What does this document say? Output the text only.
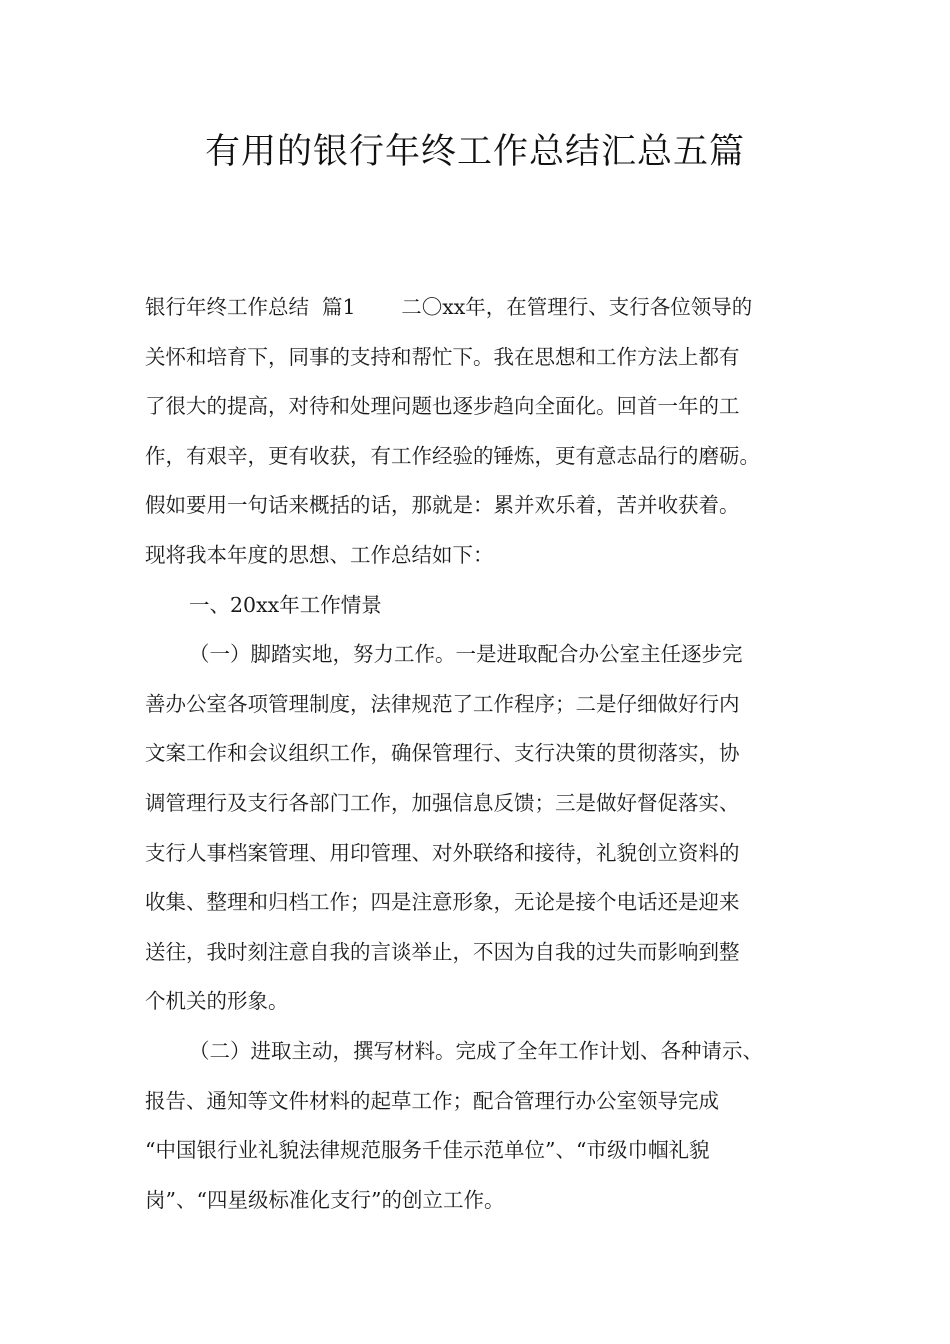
有用的银行年终工作总结汇总五篇
银行年终工作总结  篇1       二〇xx年，在管理行、支行各位领导的
关怀和培育下，同事的支持和帮忙下。我在思想和工作方法上都有
了很大的提高，对待和处理问题也逐步趋向全面化。回首一年的工
作，有艰辛，更有收获，有工作经验的锤炼，更有意志品行的磨砺。
假如要用一句话来概括的话，那就是：累并欢乐着，苦并收获着。
现将我本年度的思想、工作总结如下：
一、20xx年工作情景
（一）脚踏实地，努力工作。一是进取配合办公室主任逐步完
善办公室各项管理制度，法律规范了工作程序；二是仔细做好行内
文案工作和会议组织工作，确保管理行、支行决策的贯彻落实，协
调管理行及支行各部门工作，加强信息反馈；三是做好督促落实、
支行人事档案管理、用印管理、对外联络和接待，礼貌创立资料的
收集、整理和归档工作；四是注意形象，无论是接个电话还是迎来
送往，我时刻注意自我的言谈举止，不因为自我的过失而影响到整
个机关的形象。
（二）进取主动，撰写材料。完成了全年工作计划、各种请示、
报告、通知等文件材料的起草工作；配合管理行办公室领导完成
“中国银行业礼貌法律规范服务千佳示范单位”、“市级巾帼礼貌
岗”、“四星级标准化支行”的创立工作。
